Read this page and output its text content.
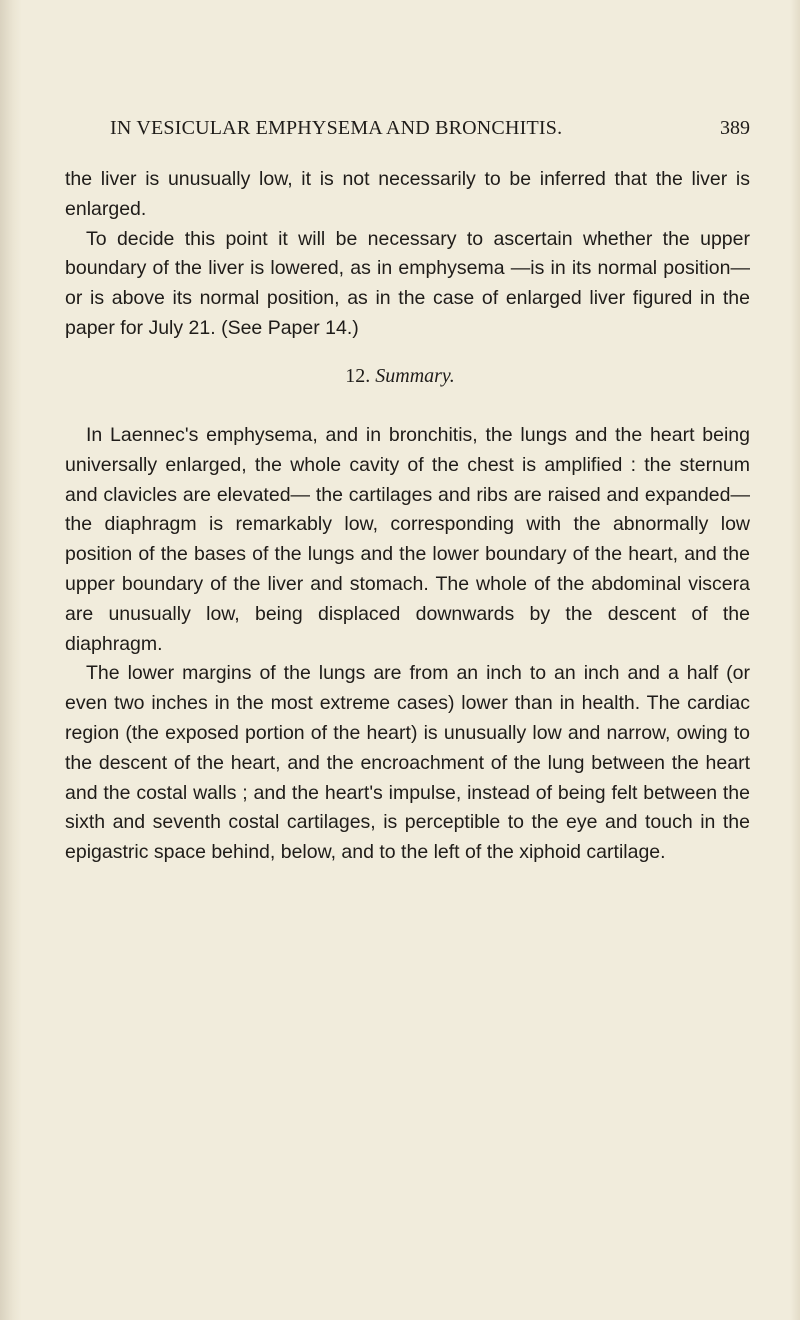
IN VESICULAR EMPHYSEMA AND BRONCHITIS.	389

the liver is unusually low, it is not necessarily to be inferred that the liver is enlarged.

To decide this point it will be necessary to ascertain whether the upper boundary of the liver is lowered, as in emphysema —is in its normal position—or is above its normal position, as in the case of enlarged liver figured in the paper for July 21. (See Paper 14.)

12. Summary.

In Laennec's emphysema, and in bronchitis, the lungs and the heart being universally enlarged, the whole cavity of the chest is amplified : the sternum and clavicles are elevated— the cartilages and ribs are raised and expanded—the diaphragm is remarkably low, corresponding with the abnormally low position of the bases of the lungs and the lower boundary of the heart, and the upper boundary of the liver and stomach. The whole of the abdominal viscera are unusually low, being displaced downwards by the descent of the diaphragm.

The lower margins of the lungs are from an inch to an inch and a half (or even two inches in the most extreme cases) lower than in health. The cardiac region (the exposed portion of the heart) is unusually low and narrow, owing to the descent of the heart, and the encroachment of the lung between the heart and the costal walls ; and the heart's impulse, instead of being felt between the sixth and seventh costal cartilages, is perceptible to the eye and touch in the epigastric space behind, below, and to the left of the xiphoid cartilage.
